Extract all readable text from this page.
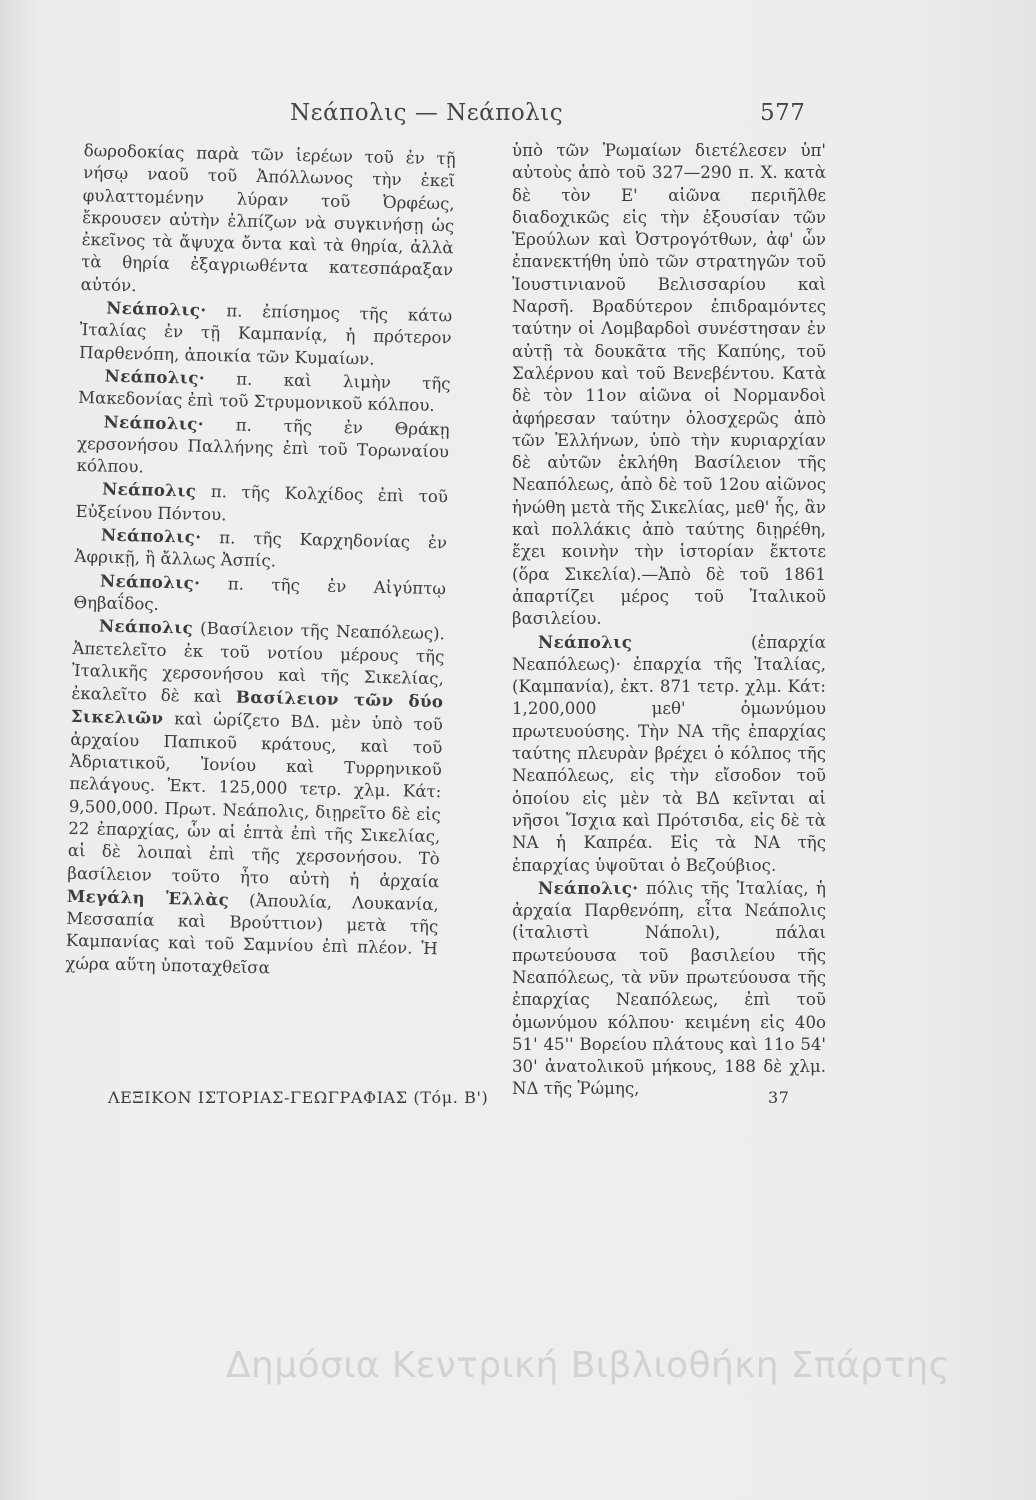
Νεάπολις — Νεάπολις	577

δωροδοκίας παρὰ τῶν ἱερέων τοῦ ἐν τῇ νήσῳ ναοῦ τοῦ Ἀπόλλωνος τὴν ἐκεῖ φυλαττομένην λύραν τοῦ Ὀρφέως, ἔκρουσεν αὐτὴν ἐλπίζων νὰ συγκινήσῃ ὡς ἐκεῖνος τὰ ἄψυχα ὄντα καὶ τὰ θηρία, ἀλλὰ τὰ θηρία ἐξαγριωθέντα κατεσπάραξαν αὐτόν.

Νεάπολις· π. ἐπίσημος τῆς κάτω Ἰταλίας ἐν τῇ Καμπανίᾳ, ἡ πρότερον Παρθενόπη, ἀποικία τῶν Κυμαίων.

Νεάπολις· π. καὶ λιμὴν τῆς Μακεδονίας ἐπὶ τοῦ Στρυμονικοῦ κόλπου.

Νεάπολις· π. τῆς ἐν Θράκῃ χερσονήσου Παλλήνης ἐπὶ τοῦ Τορωναίου κόλπου.

Νεάπολις π. τῆς Κολχίδος ἐπὶ τοῦ Εὐξείνου Πόντου.

Νεάπολις· π. τῆς Καρχηδονίας ἐν Ἀφρικῇ, ἢ ἄλλως Ἀσπίς.

Νεάπολις· π. τῆς ἐν Αἰγύπτῳ Θηβαΐδος.

Νεάπολις (Βασίλειον τῆς Νεαπόλεως). Ἀπετελεῖτο ἐκ τοῦ νοτίου μέρους τῆς Ἰταλικῆς χερσονήσου καὶ τῆς Σικελίας, ἐκαλεῖτο δὲ καὶ Βασίλειον τῶν δύο Σικελιῶν καὶ ὡρίζετο ΒΔ. μὲν ὑπὸ τοῦ ἀρχαίου Παπικοῦ κράτους, καὶ τοῦ Ἀδριατικοῦ, Ἰονίου καὶ Τυρρηνικοῦ πελάγους. Ἐκτ. 125,000 τετρ. χλμ. Κάτ: 9,500,000. Πρωτ. Νεάπολις, διῃρεῖτο δὲ εἰς 22 ἐπαρχίας, ὧν αἱ ἑπτὰ ἐπὶ τῆς Σικελίας, αἱ δὲ λοιπαὶ ἐπὶ τῆς χερσονήσου. Τὸ βασίλειον τοῦτο ἦτο αὐτὴ ἡ ἀρχαία Μεγάλη Ἑλλὰς (Ἀπουλία, Λουκανία, Μεσσαπία καὶ Βρούττιον) μετὰ τῆς Καμπανίας καὶ τοῦ Σαμνίου ἐπὶ πλέον. Ἡ χώρα αὕτη ὑποταχθεῖσα

ὑπὸ τῶν Ῥωμαίων διετέλεσεν ὑπ' αὐτοὺς ἀπὸ τοῦ 327—290 π. Χ. κατὰ δὲ τὸν Ε' αἰῶνα περιῆλθε διαδοχικῶς εἰς τὴν ἐξουσίαν τῶν Ἐρούλων καὶ Ὀστρογότθων, ἀφ' ὧν ἐπανεκτήθη ὑπὸ τῶν στρατηγῶν τοῦ Ἰουστινιανοῦ Βελισσαρίου καὶ Ναρσῆ. Βραδύτερον ἐπιδραμόντες ταύτην οἱ Λομβαρδοὶ συνέστησαν ἐν αὐτῇ τὰ δουκᾶτα τῆς Καπύης, τοῦ Σαλέρνου καὶ τοῦ Βενεβέντου. Κατὰ δὲ τὸν 11ον αἰῶνα οἱ Νορμανδοὶ ἀφήρεσαν ταύτην ὁλοσχερῶς ἀπὸ τῶν Ἑλλήνων, ὑπὸ τὴν κυριαρχίαν δὲ αὐτῶν ἐκλήθη Βασίλειον τῆς Νεαπόλεως, ἀπὸ δὲ τοῦ 12ου αἰῶνος ἡνώθη μετὰ τῆς Σικελίας, μεθ' ἧς, ἂν καὶ πολλάκις ἀπὸ ταύτης διῃρέθη, ἔχει κοινὴν τὴν ἱστορίαν ἔκτοτε (ὅρα Σικελία).—Ἀπὸ δὲ τοῦ 1861 ἀπαρτίζει μέρος τοῦ Ἰταλικοῦ βασιλείου.

Νεάπολις (ἐπαρχία Νεαπόλεως)· ἐπαρχία τῆς Ἰταλίας, (Καμπανία), ἐκτ. 871 τετρ. χλμ. Κάτ: 1,200,000 μεθ' ὁμωνύμου πρωτευούσης. Τὴν ΝΑ τῆς ἐπαρχίας ταύτης πλευρὰν βρέχει ὁ κόλπος τῆς Νεαπόλεως, εἰς τὴν εἴσοδον τοῦ ὁποίου εἰς μὲν τὰ ΒΔ κεῖνται αἱ νῆσοι Ἴσχια καὶ Πρότσιδα, εἰς δὲ τὰ ΝΑ ἡ Καπρέα. Εἰς τὰ ΝΑ τῆς ἐπαρχίας ὑψοῦται ὁ Βεζούβιος.

Νεάπολις· πόλις τῆς Ἰταλίας, ἡ ἀρχαία Παρθενόπη, εἶτα Νεάπολις (ἰταλιστὶ Νάπολι), πάλαι πρωτεύουσα τοῦ βασιλείου τῆς Νεαπόλεως, τὰ νῦν πρωτεύουσα τῆς ἐπαρχίας Νεαπόλεως, ἐπὶ τοῦ ὁμωνύμου κόλπου· κειμένη εἰς 40ο 51' 45'' Βορείου πλάτους καὶ 11ο 54' 30' ἀνατολικοῦ μήκους, 188 δὲ χλμ. ΝΔ τῆς Ῥώμης,

ΛΕΞΙΚΟΝ ΙΣΤΟΡΙΑΣ-ΓΕΩΓΡΑΦΙΑΣ (Τόμ. Β')	37
Δημόσια Κεντρική Βιβλιοθήκη Σπάρτης
